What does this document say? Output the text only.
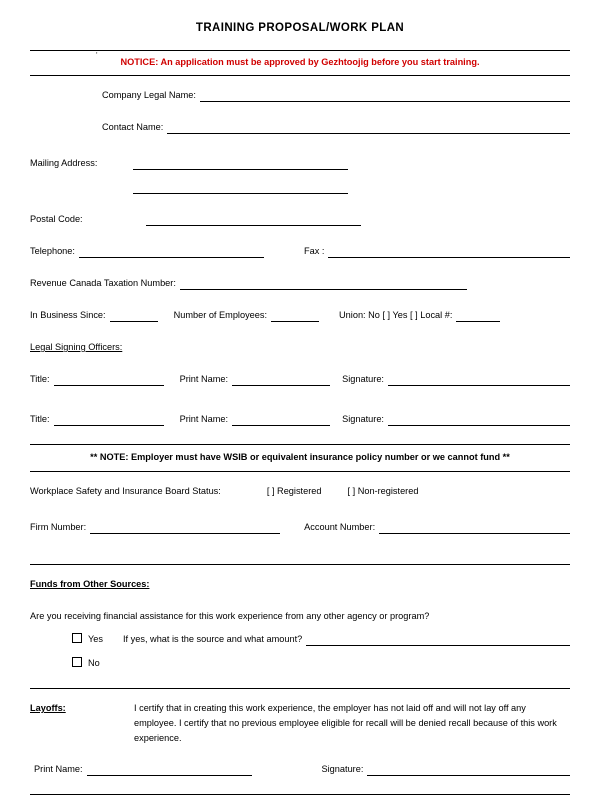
TRAINING PROPOSAL/WORK PLAN
'
NOTICE: An application must be approved by Gezhtoojig before you start training.
Company Legal Name:
Contact Name:
Mailing Address:
Postal Code:
Telephone:	Fax :
Revenue Canada Taxation Number:
In Business Since:	Number of Employees:	Union: No [ ] Yes [ ] Local #:
Legal Signing Officers:
Title:	Print Name:	Signature:
Title:	Print Name:	Signature:
** NOTE: Employer must have WSIB or equivalent insurance policy number or we cannot fund **
Workplace Safety and Insurance Board Status:	[ ] Registered	[ ] Non-registered
Firm Number:	Account Number:
Funds from Other Sources:
Are you receiving financial assistance for this work experience from any other agency or program?
Yes If yes, what is the source and what amount?
No
Layoffs:	I certify that in creating this work experience, the employer has not laid off and will not lay off any employee. I certify that no previous employee eligible for recall will be denied recall because of this work experience.
Print Name:	Signature:
